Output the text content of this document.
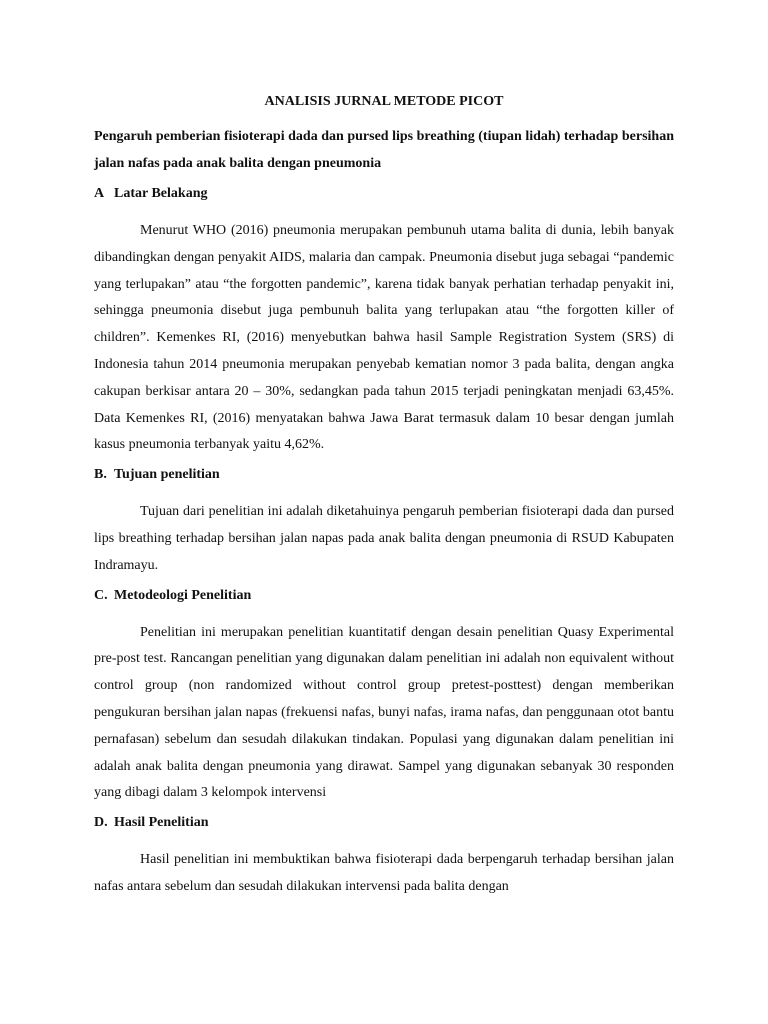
ANALISIS JURNAL METODE PICOT
Pengaruh pemberian fisioterapi dada dan pursed lips breathing (tiupan lidah) terhadap bersihan jalan nafas pada anak balita dengan pneumonia
A Latar Belakang

Menurut WHO (2016) pneumonia merupakan pembunuh utama balita di dunia, lebih banyak dibandingkan dengan penyakit AIDS, malaria dan campak. Pneumonia disebut juga sebagai “pandemic yang terlupakan” atau “the forgotten pandemic”, karena tidak banyak perhatian terhadap penyakit ini, sehingga pneumonia disebut juga pembunuh balita yang terlupakan atau “the forgotten killer of children”. Kemenkes RI, (2016) menyebutkan bahwa hasil Sample Registration System (SRS) di Indonesia tahun 2014 pneumonia merupakan penyebab kematian nomor 3 pada balita, dengan angka cakupan berkisar antara 20 – 30%, sedangkan pada tahun 2015 terjadi peningkatan menjadi 63,45%. Data Kemenkes RI, (2016) menyatakan bahwa Jawa Barat termasuk dalam 10 besar dengan jumlah kasus pneumonia terbanyak yaitu 4,62%.

B. Tujuan penelitian

Tujuan dari penelitian ini adalah diketahuinya pengaruh pemberian fisioterapi dada dan pursed lips breathing terhadap bersihan jalan napas pada anak balita dengan pneumonia di RSUD Kabupaten Indramayu.

C. Metodeologi Penelitian

Penelitian ini merupakan penelitian kuantitatif dengan desain penelitian Quasy Experimental pre-post test. Rancangan penelitian yang digunakan dalam penelitian ini adalah non equivalent without control group (non randomized without control group pretest-posttest) dengan memberikan pengukuran bersihan jalan napas (frekuensi nafas, bunyi nafas, irama nafas, dan penggunaan otot bantu pernafasan) sebelum dan sesudah dilakukan tindakan. Populasi yang digunakan dalam penelitian ini adalah anak balita dengan pneumonia yang dirawat. Sampel yang digunakan sebanyak 30 responden yang dibagi dalam 3 kelompok intervensi

D. Hasil Penelitian

Hasil penelitian ini membuktikan bahwa fisioterapi dada berpengaruh terhadap bersihan jalan nafas antara sebelum dan sesudah dilakukan intervensi pada balita dengan
